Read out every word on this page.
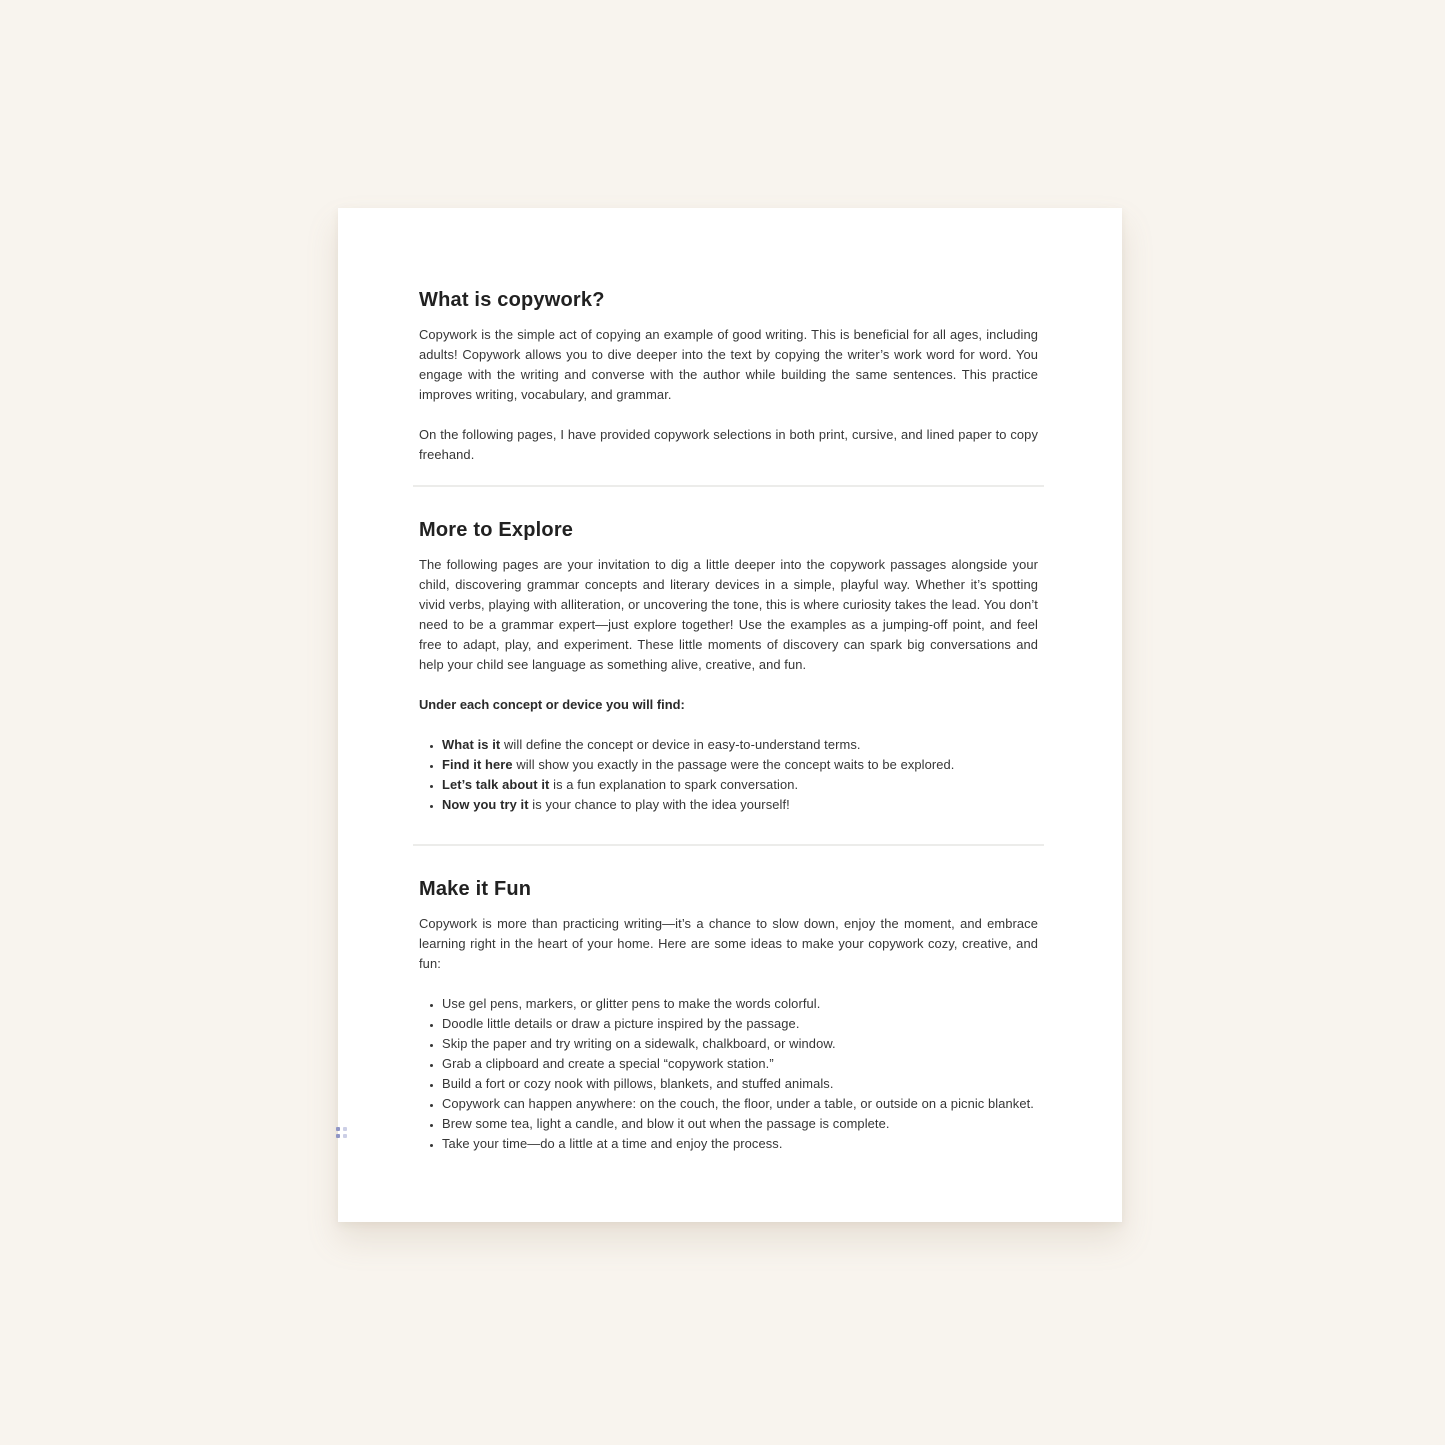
What is copywork?

Copywork is the simple act of copying an example of good writing. This is beneficial for all ages, including adults! Copywork allows you to dive deeper into the text by copying the writer’s work word for word. You engage with the writing and converse with the author while building the same sentences. This practice improves writing, vocabulary, and grammar.

On the following pages, I have provided copywork selections in both print, cursive, and lined paper to copy freehand.

More to Explore

The following pages are your invitation to dig a little deeper into the copywork passages alongside your child, discovering grammar concepts and literary devices in a simple, playful way. Whether it’s spotting vivid verbs, playing with alliteration, or uncovering the tone, this is where curiosity takes the lead. You don’t need to be a grammar expert—just explore together! Use the examples as a jumping-off point, and feel free to adapt, play, and experiment. These little moments of discovery can spark big conversations and help your child see language as something alive, creative, and fun.

Under each concept or device you will find:

• What is it will define the concept or device in easy-to-understand terms.
• Find it here will show you exactly in the passage were the concept waits to be explored.
• Let’s talk about it is a fun explanation to spark conversation.
• Now you try it is your chance to play with the idea yourself!
Make it Fun

Copywork is more than practicing writing—it’s a chance to slow down, enjoy the moment, and embrace learning right in the heart of your home. Here are some ideas to make your copywork cozy, creative, and fun:

• Use gel pens, markers, or glitter pens to make the words colorful.
• Doodle little details or draw a picture inspired by the passage.
• Skip the paper and try writing on a sidewalk, chalkboard, or window.
• Grab a clipboard and create a special “copywork station.”
• Build a fort or cozy nook with pillows, blankets, and stuffed animals.
• Copywork can happen anywhere: on the couch, the floor, under a table, or outside on a picnic blanket.
• Brew some tea, light a candle, and blow it out when the passage is complete.
• Take your time—do a little at a time and enjoy the process.
